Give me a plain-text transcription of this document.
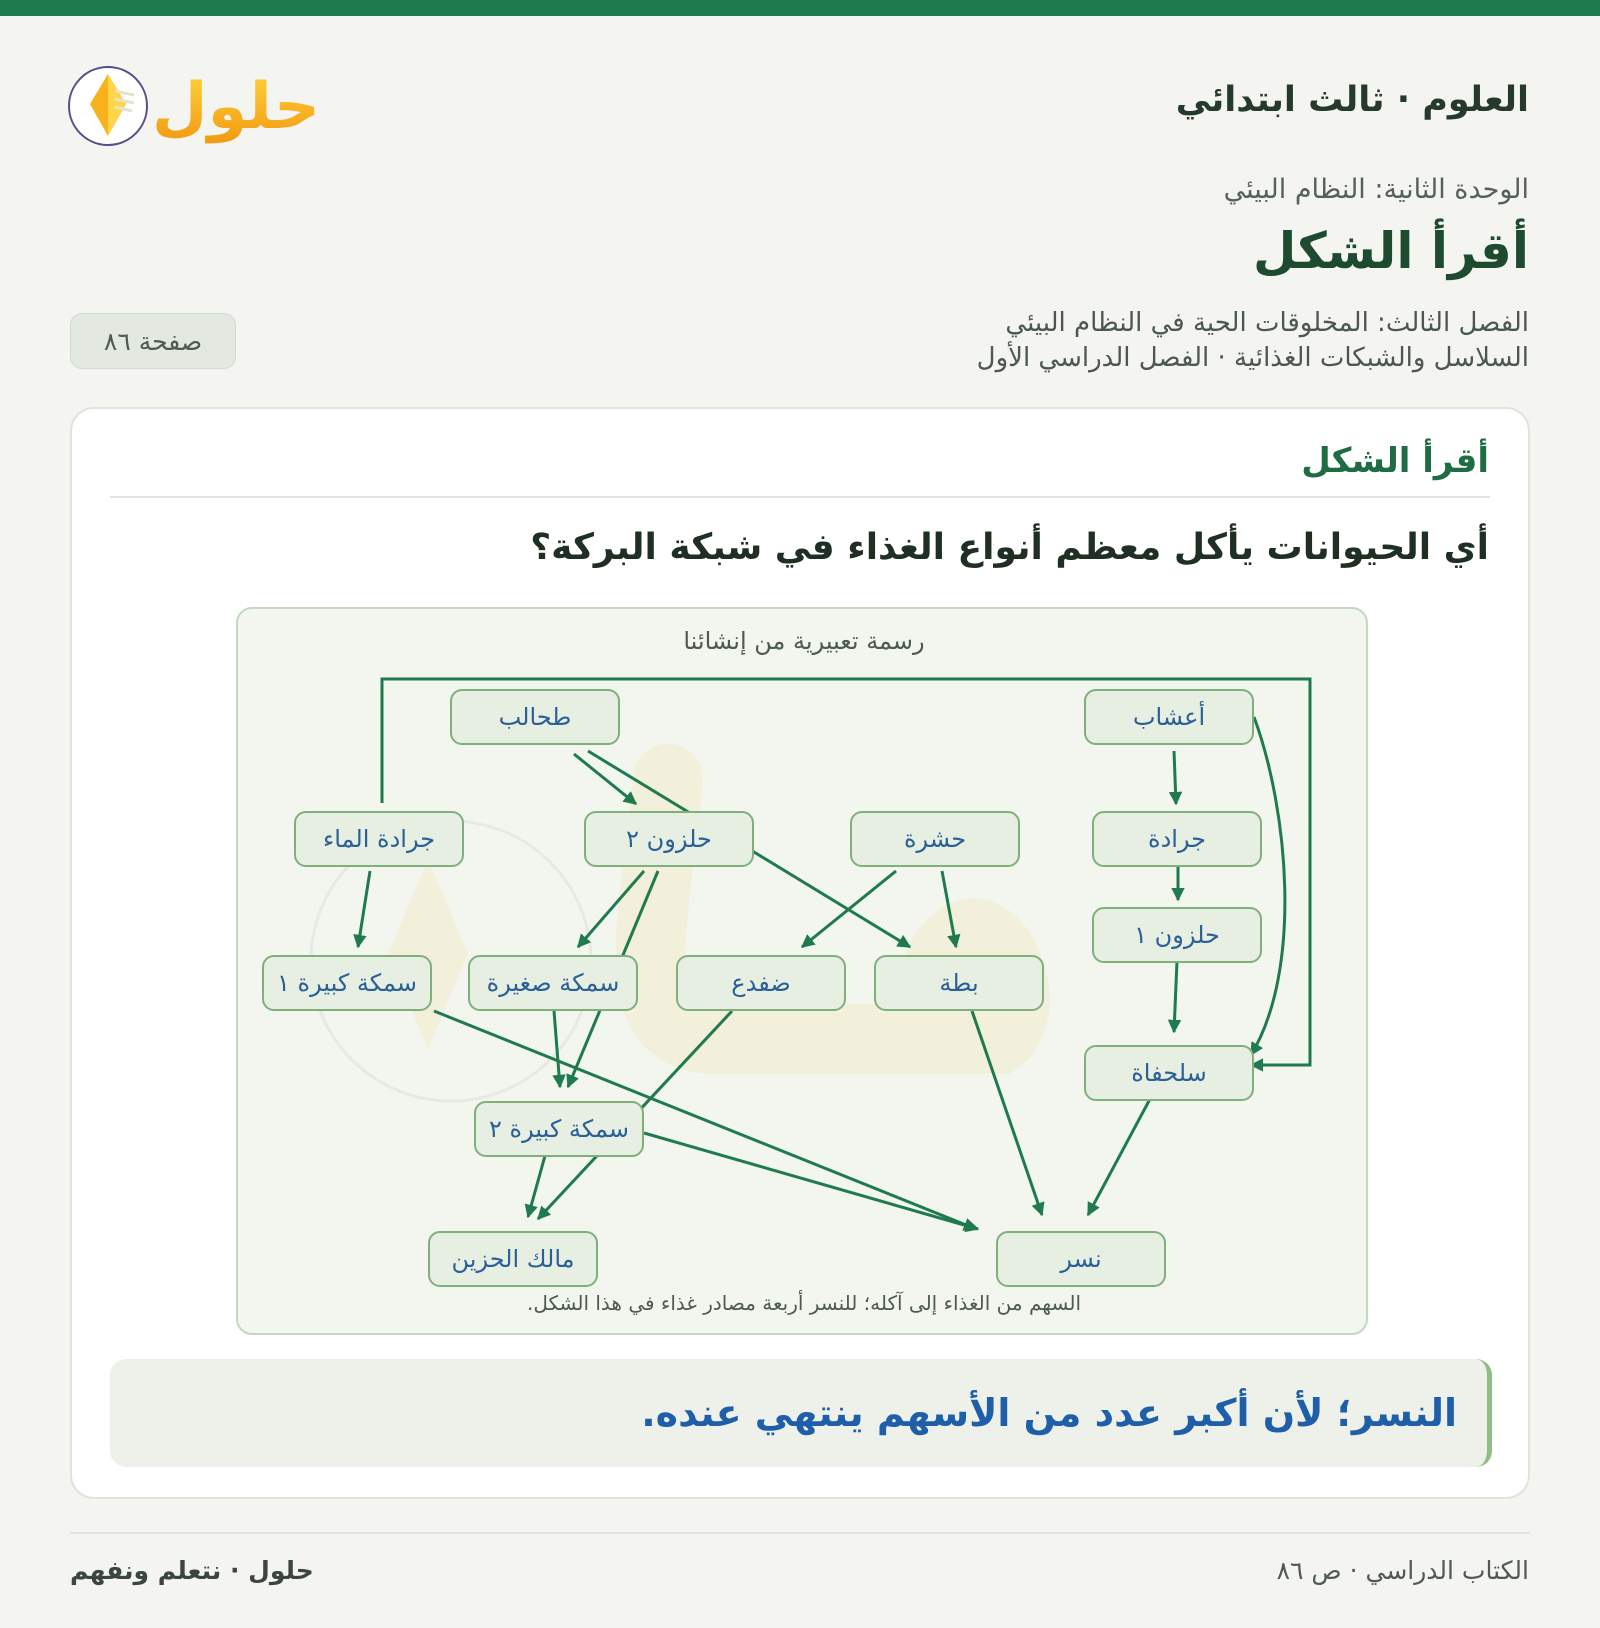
حلول	العلوم · ثالث ابتدائي
الوحدة الثانية: النظام البيئي
أقرأ الشكل
الفصل الثالث: المخلوقات الحية في النظام البيئي
السلاسل والشبكات الغذائية · الفصل الدراسي الأول
صفحة ٨٦
أقرأ الشكل
أي الحيوانات يأكل معظم أنواع الغذاء في شبكة البركة؟
رسمة تعبيرية من إنشائنا
أعشاب
طحالب
جرادة
حشرة
حلزون ٢
جرادة الماء
حلزون ١
بطة
ضفدع
سمكة صغيرة
سمكة كبيرة ١
سلحفاة
سمكة كبيرة ٢
مالك الحزين	نسر
السهم من الغذاء إلى آكله؛ للنسر أربعة مصادر غذاء في هذا الشكل.
النسر؛ لأن أكبر عدد من الأسهم ينتهي عنده.
الكتاب الدراسي · ص ٨٦
حلول · نتعلم ونفهم
